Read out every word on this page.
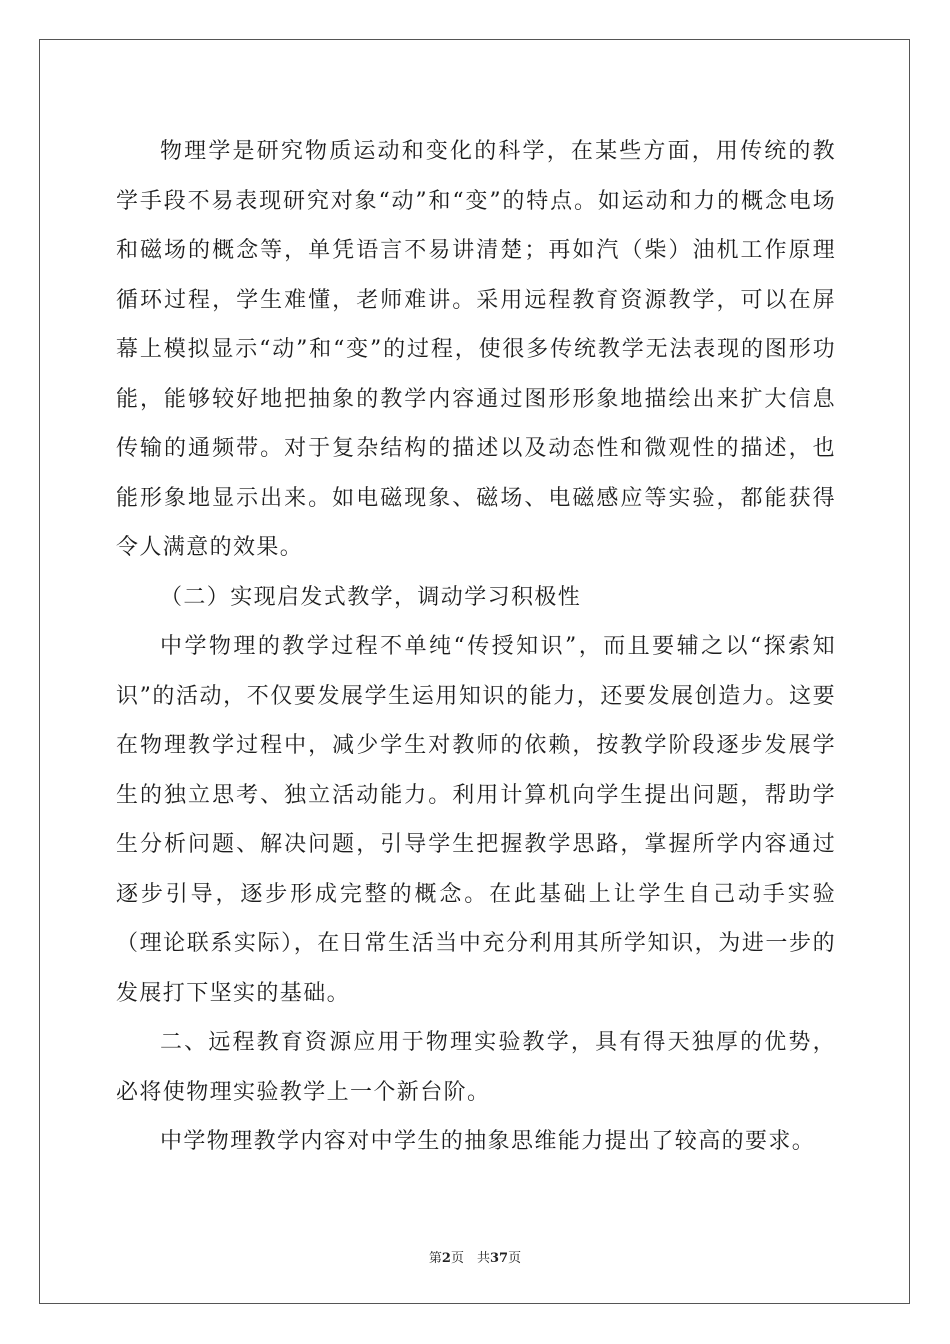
物理学是研究物质运动和变化的科学，在某些方面，用传统的教学手段不易表现研究对象“动”和“变”的特点。如运动和力的概念电场和磁场的概念等，单凭语言不易讲清楚；再如汽（柴）油机工作原理循环过程，学生难懂，老师难讲。采用远程教育资源教学，可以在屏幕上模拟显示“动”和“变”的过程，使很多传统教学无法表现的图形功能，能够较好地把抽象的教学内容通过图形形象地描绘出来扩大信息传输的通频带。对于复杂结构的描述以及动态性和微观性的描述，也能形象地显示出来。如电磁现象、磁场、电磁感应等实验，都能获得令人满意的效果。

（二）实现启发式教学，调动学习积极性

中学物理的教学过程不单纯“传授知识”，而且要辅之以“探索知识”的活动，不仅要发展学生运用知识的能力，还要发展创造力。这要在物理教学过程中，减少学生对教师的依赖，按教学阶段逐步发展学生的独立思考、独立活动能力。利用计算机向学生提出问题，帮助学生分析问题、解决问题，引导学生把握教学思路，掌握所学内容通过逐步引导，逐步形成完整的概念。在此基础上让学生自己动手实验（理论联系实际），在日常生活当中充分利用其所学知识，为进一步的发展打下坚实的基础。

二、远程教育资源应用于物理实验教学，具有得天独厚的优势，必将使物理实验教学上一个新台阶。

中学物理教学内容对中学生的抽象思维能力提出了较高的要求。

第2页　共37页
